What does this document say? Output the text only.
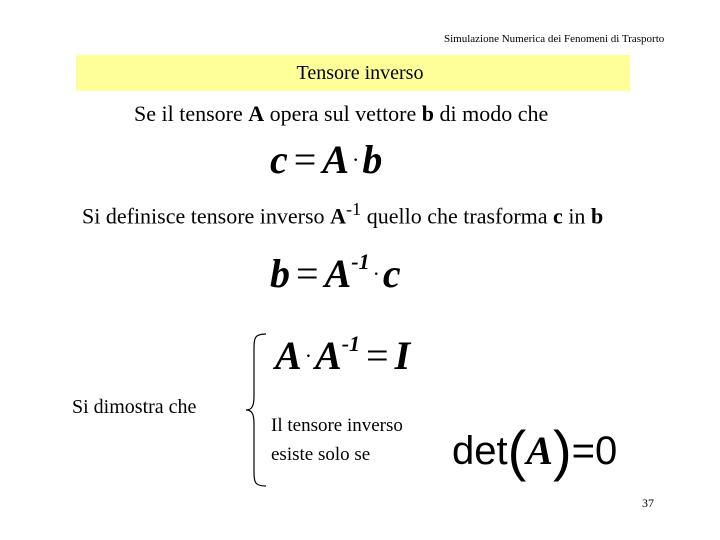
Simulazione Numerica dei Fenomeni di Trasporto
Tensore inverso
Se il tensore A opera sul vettore b di modo che
c = A ·b
Si definisce tensore inverso $A^{-1}$ quello che trasforma c in b
$b = A^{-1} \cdot c$
$A \cdot A^{-1} = I$
Si dimostra che
Il tensore inverso
esiste solo se det(A)=0
37
